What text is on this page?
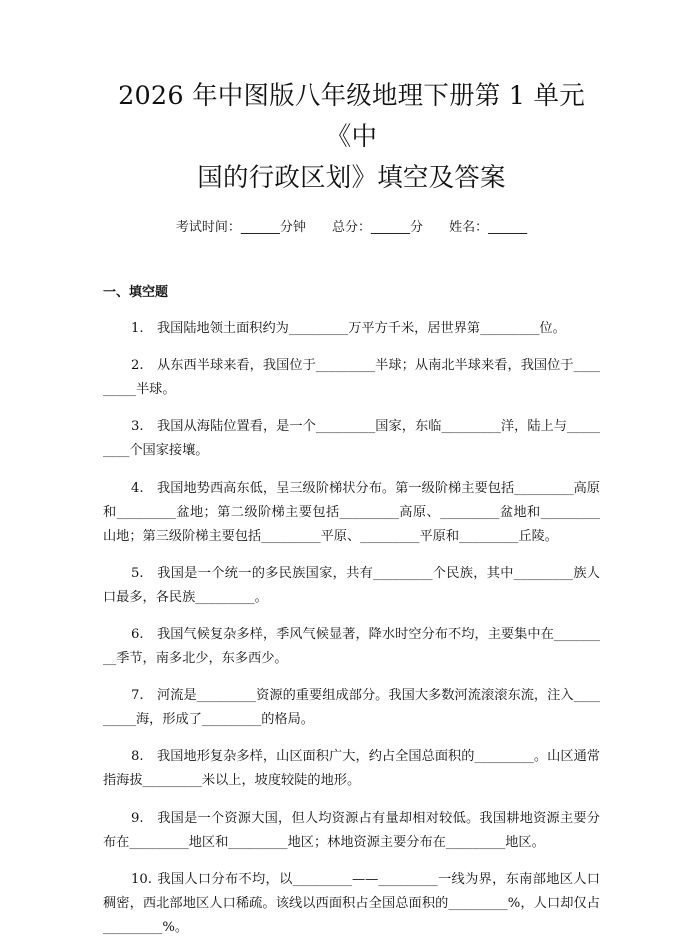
2026 年中图版八年级地理下册第 1 单元《中
国的行政区划》填空及答案
考试时间：______分钟 总分：______分 姓名：______
一、填空题

1. 我国陆地领土面积约为_________万平方千米，居世界第_________位。

2. 从东西半球来看，我国位于_________半球；从南北半球来看，我国位于_________半球。

3. 我国从海陆位置看，是一个_________国家，东临_________洋，陆上与_________个国家接壤。

4. 我国地势西高东低，呈三级阶梯状分布。第一级阶梯主要包括_________高原和_________盆地；第二级阶梯主要包括_________高原、_________盆地和_________山地；第三级阶梯主要包括_________平原、_________平原和_________丘陵。

5. 我国是一个统一的多民族国家，共有_________个民族，其中_________族人口最多，各民族_________。

6. 我国气候复杂多样，季风气候显著，降水时空分布不均，主要集中在_________季节，南多北少，东多西少。

7. 河流是_________资源的重要组成部分。我国大多数河流滚滚东流，注入_________海，形成了_________的格局。

8. 我国地形复杂多样，山区面积广大，约占全国总面积的_________。山区通常指海拔_________米以上，坡度较陡的地形。

9. 我国是一个资源大国，但人均资源占有量却相对较低。我国耕地资源主要分布在_________地区和_________地区；林地资源主要分布在_________地区。

10. 我国人口分布不均，以_________——_________一线为界，东南部地区人口稠密，西北部地区人口稀疏。该线以西面积占全国总面积的_________%，人口却仅占_________%。
